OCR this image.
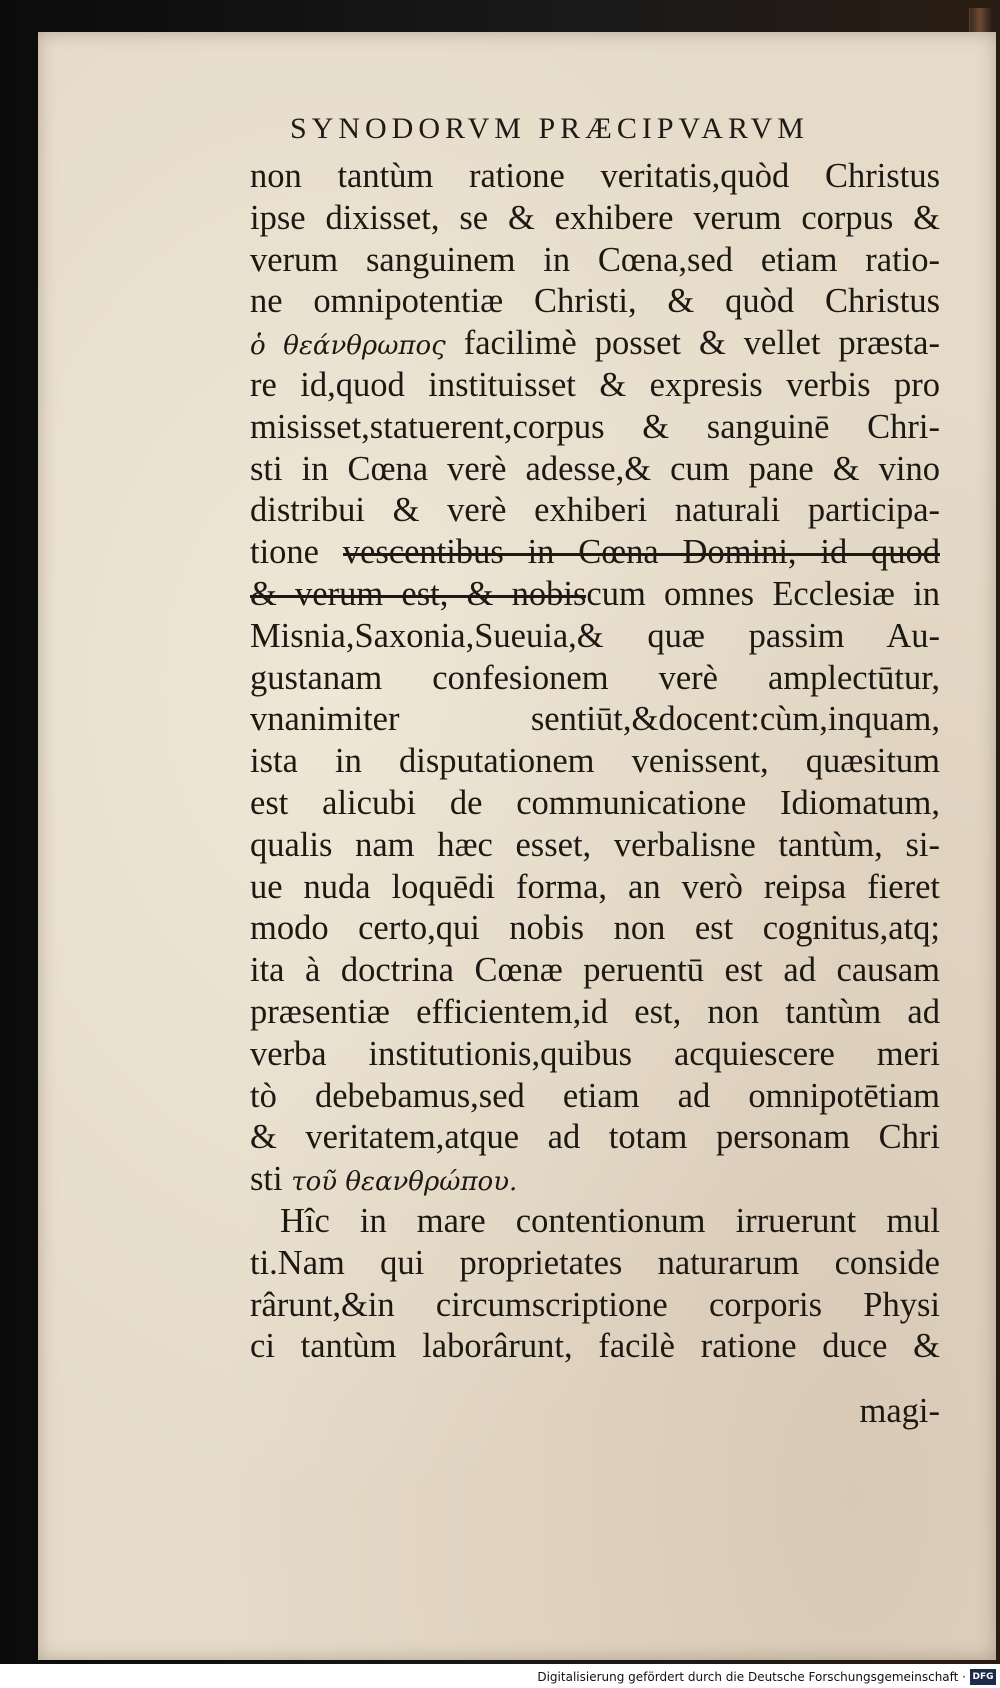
SYNODORVM PRÆCIPVARVM
non tantùm ratione veritatis,quòd Christus
ipse dixisset, se & exhibere verum corpus &
verum sanguinem in Cœna,sed etiam ratio-
ne omnipotentiæ Christi, & quòd Christus
ὁ θεάνθρωπος facilimè posset & vellet præsta-
re id,quod instituisset & expresis verbis pro
misisset,statuerent,corpus & sanguinē Chri-
sti in Cœna verè adesse,& cum pane & vino
distribui & verè exhiberi naturali participa-
tione vescentibus in Cœna Domini, id quod
& verum est, & nobiscum omnes Ecclesiæ in
Misnia,Saxonia,Sueuia,& quæ passim Au-
gustanam confesionem verè amplectūtur,
vnanimiter sentiūt,&docent:cùm,inquam,
ista in disputationem venissent, quæsitum
est alicubi de communicatione Idiomatum,
qualis nam hæc esset, verbalisne tantùm, si-
ue nuda loquēdi forma, an verò reipsa fieret
modo certo,qui nobis non est cognitus,atq;
ita à doctrina Cœnæ peruentū est ad causam
præsentiæ efficientem,id est, non tantùm ad
verba institutionis,quibus acquiescere meri
tò debebamus,sed etiam ad omnipotētiam
& veritatem,atque ad totam personam Chri
sti τοῦ θεανθρώπου.
Hîc in mare contentionum irruerunt mul
ti.Nam qui proprietates naturarum conside
rârunt,&in circumscriptione corporis Physi
ci tantùm laborârunt, facilè ratione duce &
magi-
Digitalisierung gefördert durch die Deutsche Forschungsgemeinschaft · DFG
